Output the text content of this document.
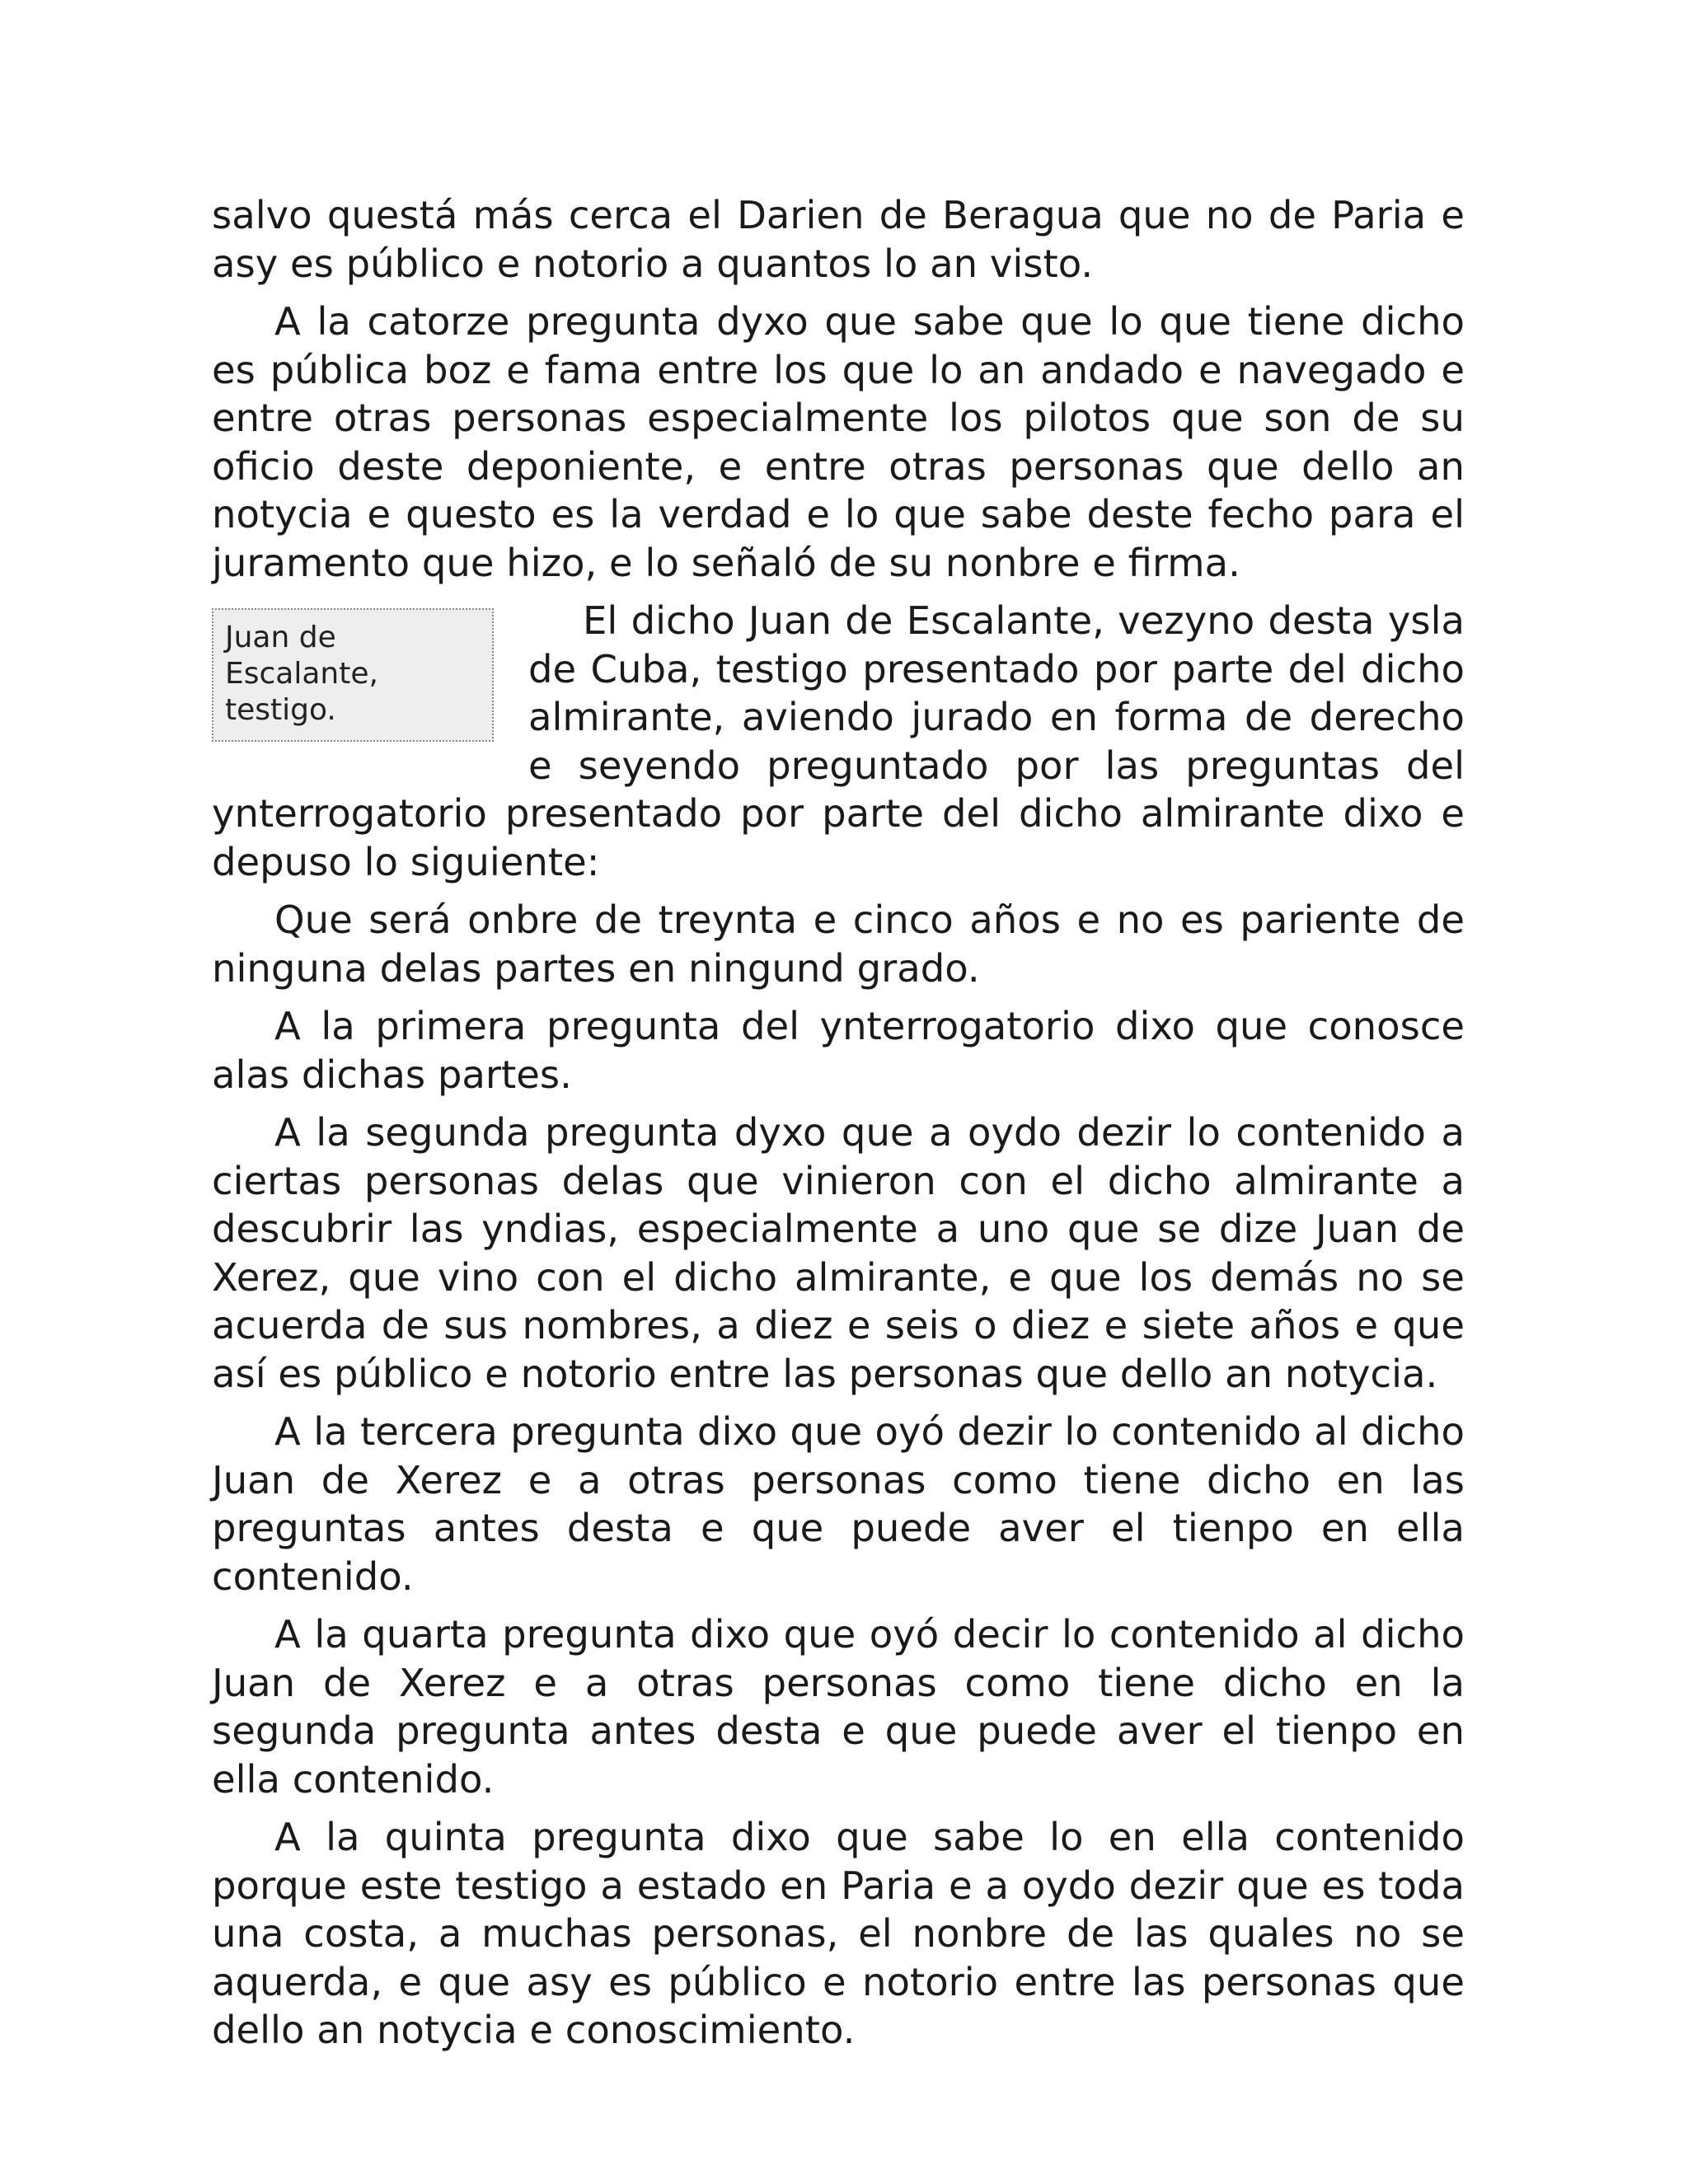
salvo questá más cerca el Darien de Beragua que no de Paria e asy es público e notorio a quantos lo an visto.

A la catorze pregunta dyxo que sabe que lo que tiene dicho es pública boz e fama entre los que lo an andado e navegado e entre otras personas especialmente los pilotos que son de su oficio deste deponiente, e entre otras personas que dello an notycia e questo es la verdad e lo que sabe deste fecho para el juramento que hizo, e lo señaló de su nonbre e firma.

Juan de Escalante, testigo.

El dicho Juan de Escalante, vezyno desta ysla de Cuba, testigo presentado por parte del dicho almirante, aviendo jurado en forma de derecho e seyendo preguntado por las preguntas del ynterrogatorio presentado por parte del dicho almirante dixo e depuso lo siguiente:

Que será onbre de treynta e cinco años e no es pariente de ninguna delas partes en ningund grado.

A la primera pregunta del ynterrogatorio dixo que conosce alas dichas partes.

A la segunda pregunta dyxo que a oydo dezir lo contenido a ciertas personas delas que vinieron con el dicho almirante a descubrir las yndias, especialmente a uno que se dize Juan de Xerez, que vino con el dicho almirante, e que los demás no se acuerda de sus nombres, a diez e seis o diez e siete años e que así es público e notorio entre las personas que dello an notycia.

A la tercera pregunta dixo que oyó dezir lo contenido al dicho Juan de Xerez e a otras personas como tiene dicho en las preguntas antes desta e que puede aver el tienpo en ella contenido.

A la quarta pregunta dixo que oyó decir lo contenido al dicho Juan de Xerez e a otras personas como tiene dicho en la segunda pregunta antes desta e que puede aver el tienpo en ella contenido.

A la quinta pregunta dixo que sabe lo en ella contenido porque este testigo a estado en Paria e a oydo dezir que es toda una costa, a muchas personas, el nonbre de las quales no se aquerda, e que asy es público e notorio entre las personas que dello an notycia e conoscimiento.
